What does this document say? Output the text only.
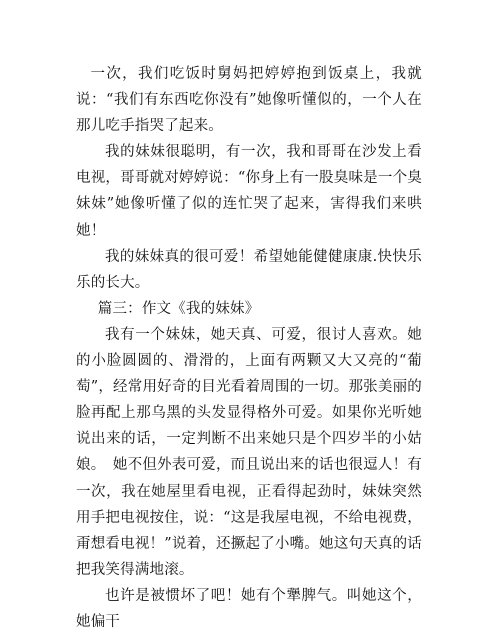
一次，我们吃饭时舅妈把婷婷抱到饭桌上，我就说：“我们有东西吃你没有”她像听懂似的，一个人在那儿吃手指哭了起来。

我的妹妹很聪明，有一次，我和哥哥在沙发上看电视，哥哥就对婷婷说：“你身上有一股臭味是一个臭妹妹”她像听懂了似的连忙哭了起来，害得我们来哄她！

我的妹妹真的很可爱！希望她能健健康康.快快乐乐的长大。

篇三：作文《我的妹妹》

我有一个妹妹，她天真、可爱，很讨人喜欢。她的小脸圆圆的、滑滑的，上面有两颗又大又亮的“葡萄”，经常用好奇的目光看着周围的一切。那张美丽的脸再配上那乌黑的头发显得格外可爱。如果你光听她说出来的话，一定判断不出来她只是个四岁半的小姑娘。　她不但外表可爱，而且说出来的话也很逗人！有一次，我在她屋里看电视，正看得起劲时，妹妹突然用手把电视按住，说：“这是我屋电视，不给电视费，甭想看电视！”说着，还撅起了小嘴。她这句天真的话把我笑得满地滚。

也许是被惯坏了吧！她有个犟脾气。叫她这个，她偏干
